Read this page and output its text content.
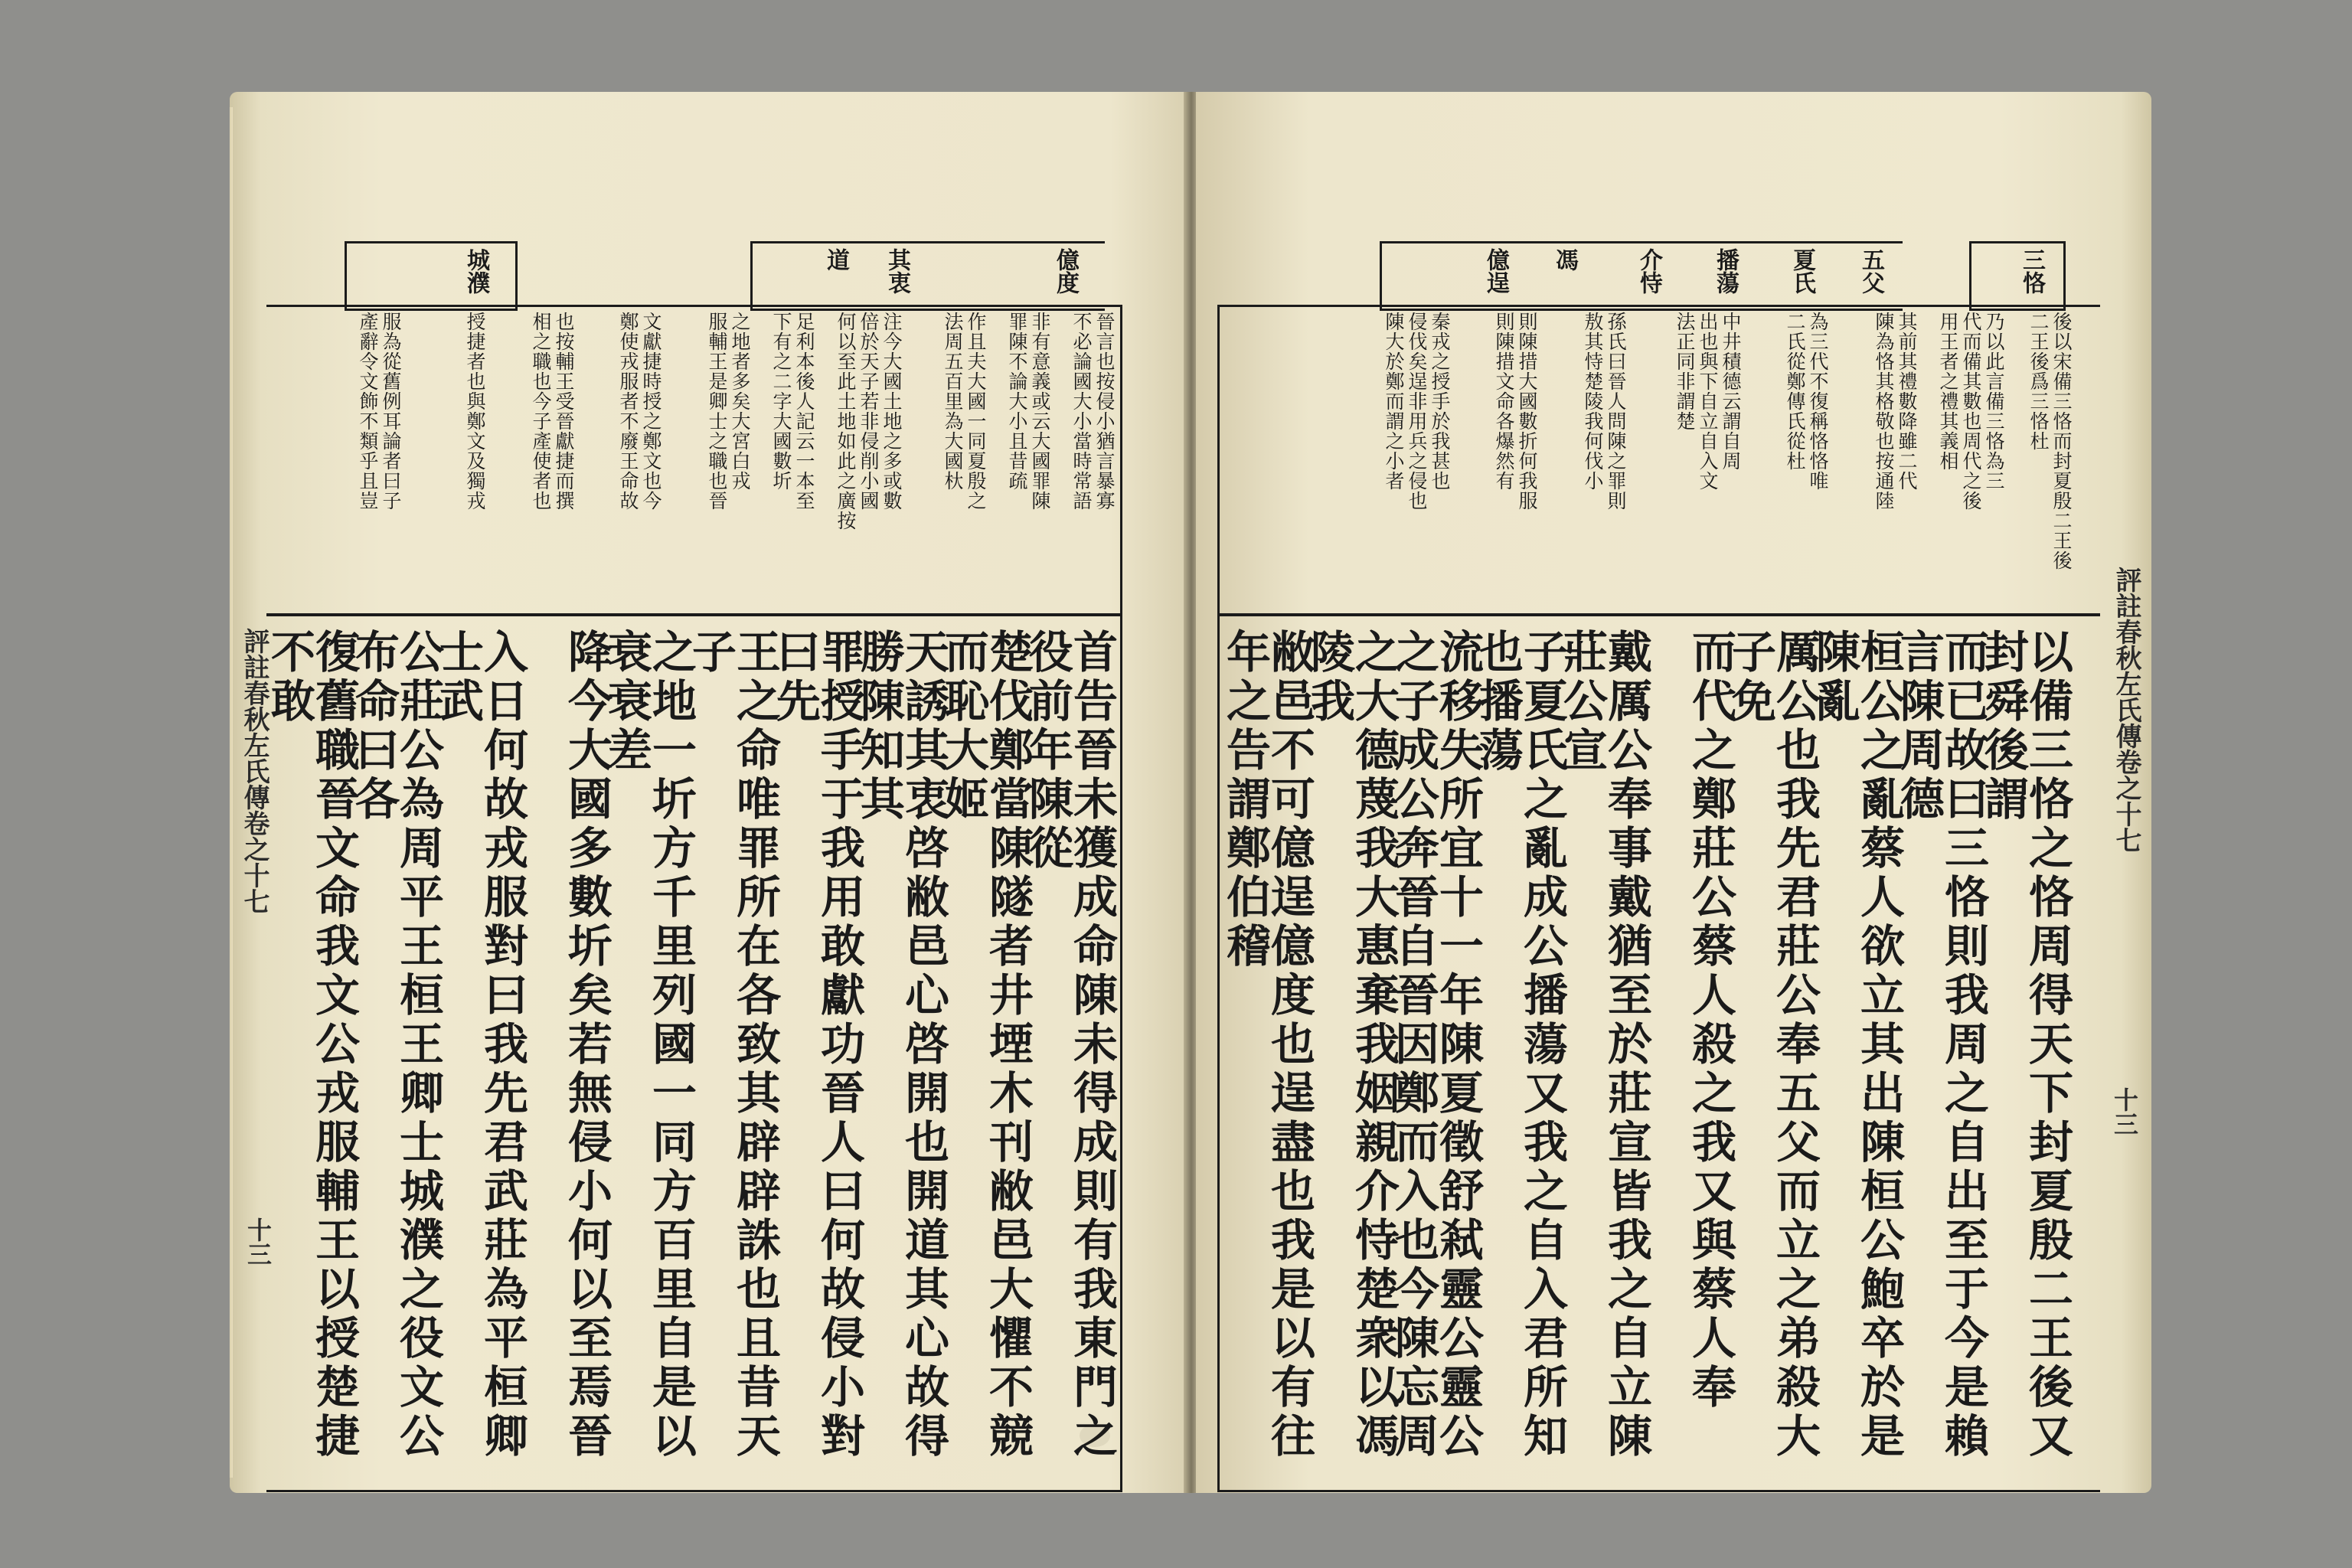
城濮	道 其衷	億度
晉言也按侵小猶言暴寡
不必論國大小當時常語
非有意義或云大國罪陳
罪陳不論大小且昔疏
作且夫大國一同夏殷之
法周五百里為大國杕
注今大國土地之多或數
倍於天子若非侵削小國
何以至此土地如此之廣按
足利本後人記云一本至
下有之二字大國數圻
之地者多矣大宮白戎
服輔王是卿士之職也晉
文獻捷時授之鄭文也今
鄭使戎服者不廢王命故
也按輔王受晉獻捷而撰
相之職也今子產使者也
授捷者也與鄭文及獨戎
服為從舊例耳論者曰子
產辭令文飾不類乎且豈
首告晉未獲成命陳未得成則有我東門之役前年陳從
楚伐鄭當陳隧者井堙木刊敝邑大懼不競而恥大姬
天誘其衷啓敝邑心啓開也開道其心故得勝陳知其
罪授手于我用敢獻功晉人曰何故侵小對曰先
王之命唯罪所在各致其辟辟誅也且昔天子
之地一圻方千里列國一同方百里自是以衰衰差
降今大國多數圻矣若無侵小何以至焉晉
入日何故戎服對曰我先君武莊為平桓卿士武
公莊公為周平王桓王卿士城濮之役文公布命曰各
復舊職晉文命我文公戎服輔王以授楚捷不敢
評註春秋左氏傳卷之十七
十三
五父
夏氏
播蕩
介恃
馮
億逞	三恪
後以宋備三恪而封夏殷二王後
二王後爲三恪杜
乃以此言備三恪為三
代而備其數也周代之後
用王者之禮其義相
其前其禮數降雖二代
陳為恪其格敬也按通陸
為三代不復稱恪恪唯
二氏從鄭傳氏從杜
中井積德云謂自周
出也與下自立自入文
法正同非謂楚
孫氏曰晉人問陳之罪則
敖其恃楚陵我何伐小
則陳措大國數折何我服
則陳措文命各爆然有
秦戎之授手於我甚也
侵伐矣逞非用兵之侵也
陳大於鄭而謂之小者
以備三恪之恪周得天下封夏殷二王後又封舜後謂
而已故曰三恪則我周之自出至于今是賴言陳周德
桓公之亂蔡人欲立其出陳桓公鮑卒於是陳亂
厲公也我先君莊公奉五父而立之弟殺大子免
而代之鄭莊公蔡人殺之我又與蔡人奉
戴厲公奉事戴猶至於莊宣皆我之自立陳莊公宣
子夏氏之亂成公播蕩又我之自入君所知也播蕩
流移失所宜十一年陳夏徵舒弒靈公靈公之子成公奔晉自晉因鄭而入也今陳忘周
之大德蔑我大惠棄我姻親介恃楚衆以馮陵我
敝邑不可億逞億度也逞盡也我是以有往年之告謂鄭伯稽	評註春秋左氏傳卷之十七
十三
